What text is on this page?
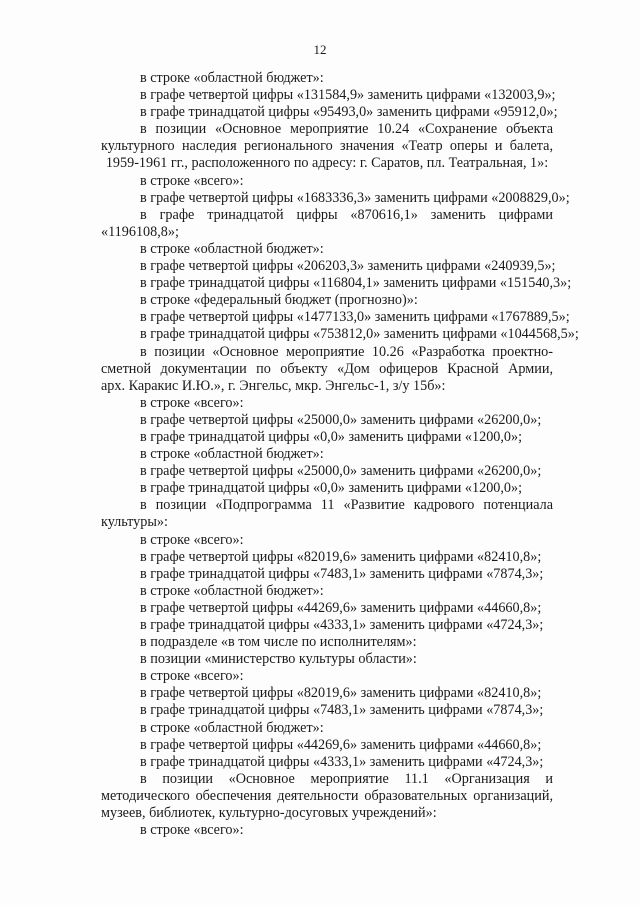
12
в строке «областной бюджет»:
в графе четвертой цифры «131584,9» заменить цифрами «132003,9»;
в графе тринадцатой цифры «95493,0» заменить цифрами «95912,0»;
в позиции «Основное мероприятие 10.24 «Сохранение объекта
культурного наследия регионального значения «Театр оперы и балета,
1959-1961 гг., расположенного по адресу: г. Саратов, пл. Театральная, 1»:
в строке «всего»:
в графе четвертой цифры «1683336,3» заменить цифрами «2008829,0»;
в графе тринадцатой цифры «870616,1» заменить цифрами
«1196108,8»;
в строке «областной бюджет»:
в графе четвертой цифры «206203,3» заменить цифрами «240939,5»;
в графе тринадцатой цифры «116804,1» заменить цифрами «151540,3»;
в строке «федеральный бюджет (прогнозно)»:
в графе четвертой цифры «1477133,0» заменить цифрами «1767889,5»;
в графе тринадцатой цифры «753812,0» заменить цифрами «1044568,5»;
в позиции «Основное мероприятие 10.26 «Разработка проектно-
сметной документации по объекту «Дом офицеров Красной Армии,
арх. Каракис И.Ю.», г. Энгельс, мкр. Энгельс-1, з/у 15б»:
в строке «всего»:
в графе четвертой цифры «25000,0» заменить цифрами «26200,0»;
в графе тринадцатой цифры «0,0» заменить цифрами «1200,0»;
в строке «областной бюджет»:
в графе четвертой цифры «25000,0» заменить цифрами «26200,0»;
в графе тринадцатой цифры «0,0» заменить цифрами «1200,0»;
в позиции «Подпрограмма 11 «Развитие кадрового потенциала
культуры»:
в строке «всего»:
в графе четвертой цифры «82019,6» заменить цифрами «82410,8»;
в графе тринадцатой цифры «7483,1» заменить цифрами «7874,3»;
в строке «областной бюджет»:
в графе четвертой цифры «44269,6» заменить цифрами «44660,8»;
в графе тринадцатой цифры «4333,1» заменить цифрами «4724,3»;
в подразделе «в том числе по исполнителям»:
в позиции «министерство культуры области»:
в строке «всего»:
в графе четвертой цифры «82019,6» заменить цифрами «82410,8»;
в графе тринадцатой цифры «7483,1» заменить цифрами «7874,3»;
в строке «областной бюджет»:
в графе четвертой цифры «44269,6» заменить цифрами «44660,8»;
в графе тринадцатой цифры «4333,1» заменить цифрами «4724,3»;
в позиции «Основное мероприятие 11.1 «Организация и
методического обеспечения деятельности образовательных организаций,
музеев, библиотек, культурно-досуговых учреждений»:
в строке «всего»:
